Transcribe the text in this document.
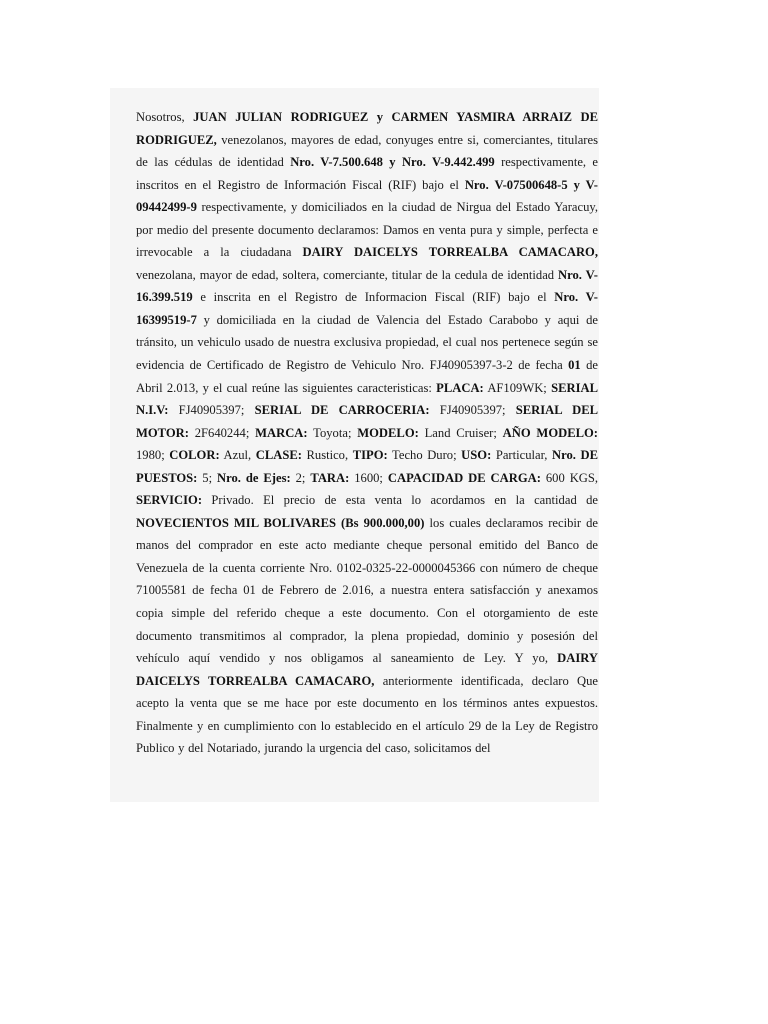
Nosotros, JUAN JULIAN RODRIGUEZ y CARMEN YASMIRA ARRAIZ DE RODRIGUEZ, venezolanos, mayores de edad, conyuges entre si, comerciantes, titulares de las cédulas de identidad Nro. V-7.500.648 y Nro. V-9.442.499 respectivamente, e inscritos en el Registro de Información Fiscal (RIF) bajo el Nro. V-07500648-5 y V-09442499-9 respectivamente, y domiciliados en la ciudad de Nirgua del Estado Yaracuy, por medio del presente documento declaramos: Damos en venta pura y simple, perfecta e irrevocable a la ciudadana DAIRY DAICELYS TORREALBA CAMACARO, venezolana, mayor de edad, soltera, comerciante, titular de la cedula de identidad Nro. V-16.399.519 e inscrita en el Registro de Informacion Fiscal (RIF) bajo el Nro. V-16399519-7 y domiciliada en la ciudad de Valencia del Estado Carabobo y aqui de tránsito, un vehiculo usado de nuestra exclusiva propiedad, el cual nos pertenece según se evidencia de Certificado de Registro de Vehiculo Nro. FJ40905397-3-2 de fecha 01 de Abril 2.013, y el cual reúne las siguientes caracteristicas: PLACA: AF109WK; SERIAL N.I.V: FJ40905397; SERIAL DE CARROCERIA: FJ40905397; SERIAL DEL MOTOR: 2F640244; MARCA: Toyota; MODELO: Land Cruiser; AÑO MODELO: 1980; COLOR: Azul, CLASE: Rustico, TIPO: Techo Duro; USO: Particular, Nro. DE PUESTOS: 5; Nro. de Ejes: 2; TARA: 1600; CAPACIDAD DE CARGA: 600 KGS, SERVICIO: Privado. El precio de esta venta lo acordamos en la cantidad de NOVECIENTOS MIL BOLIVARES (Bs 900.000,00) los cuales declaramos recibir de manos del comprador en este acto mediante cheque personal emitido del Banco de Venezuela de la cuenta corriente Nro. 0102-0325-22-0000045366 con número de cheque 71005581 de fecha 01 de Febrero de 2.016, a nuestra entera satisfacción y anexamos copia simple del referido cheque a este documento. Con el otorgamiento de este documento transmitimos al comprador, la plena propiedad, dominio y posesión del vehículo aquí vendido y nos obligamos al saneamiento de Ley. Y yo, DAIRY DAICELYS TORREALBA CAMACARO, anteriormente identificada, declaro Que acepto la venta que se me hace por este documento en los términos antes expuestos. Finalmente y en cumplimiento con lo establecido en el artículo 29 de la Ley de Registro Publico y del Notariado, jurando la urgencia del caso, solicitamos del
